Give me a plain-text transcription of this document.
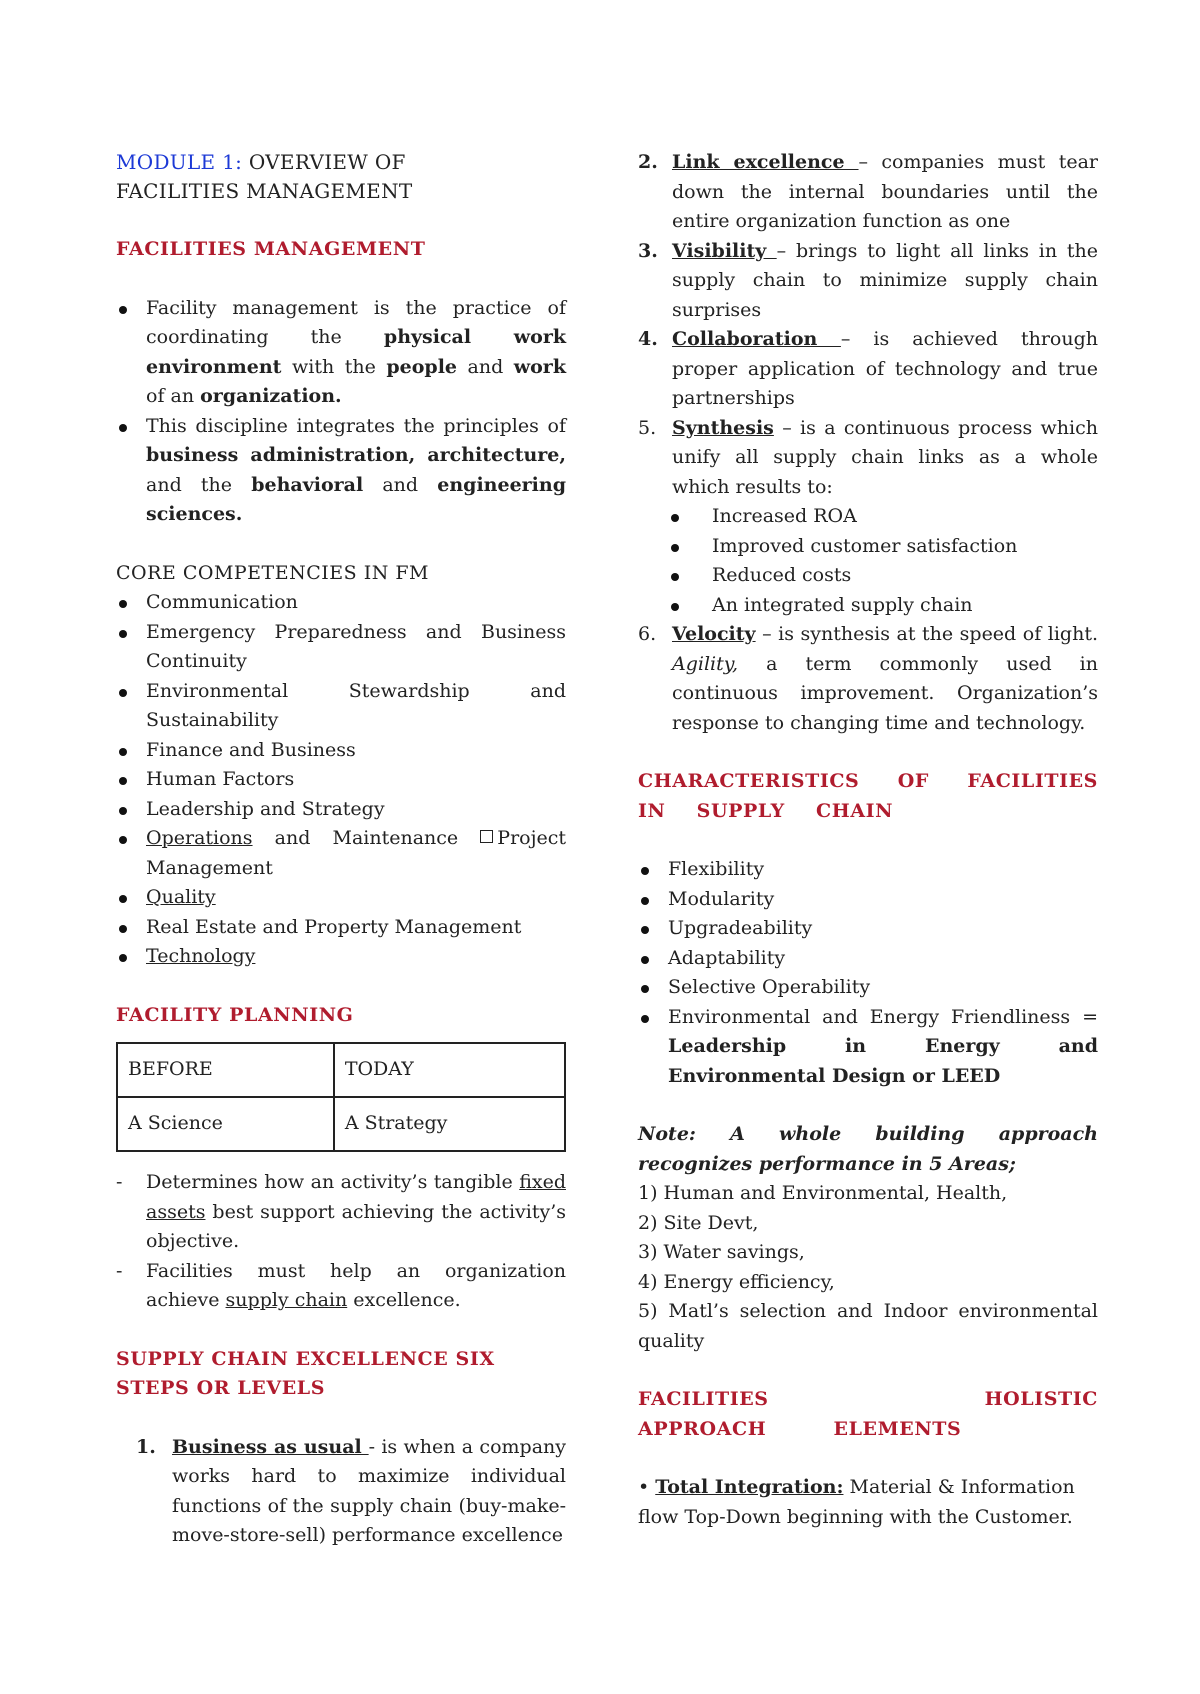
MODULE 1: OVERVIEW OF
FACILITIES MANAGEMENT
FACILITIES MANAGEMENT
Facility management is the practice of coordinating the physical work environment with the people and work of an organization.
This discipline integrates the principles of business administration, architecture, and the behavioral and engineering sciences.
CORE COMPETENCIES IN FM
Communication
Emergency Preparedness and Business Continuity
Environmental Stewardship and Sustainability
Finance and Business
Human Factors
Leadership and Strategy
Operations and Maintenance Project Management
Quality
Real Estate and Property Management
Technology
FACILITY PLANNING
BEFORE	TODAY
A Science	A Strategy
- Determines how an activity’s tangible fixed assets best support achieving the activity’s objective.
- Facilities must help an organization achieve supply chain excellence.
SUPPLY CHAIN EXCELLENCE SIX STEPS OR LEVELS
1. Business as usual - is when a company works hard to maximize individual functions of the supply chain (buy-make-move-store-sell) performance excellence
2. Link excellence – companies must tear down the internal boundaries until the entire organization function as one
3. Visibility – brings to light all links in the supply chain to minimize supply chain surprises
4. Collaboration – is achieved through proper application of technology and true partnerships
5. Synthesis – is a continuous process which unify all supply chain links as a whole which results to:
Increased ROA
Improved customer satisfaction
Reduced costs
An integrated supply chain
6. Velocity – is synthesis at the speed of light. Agility, a term commonly used in continuous improvement. Organization’s response to changing time and technology.
CHARACTERISTICS OF FACILITIES IN SUPPLY CHAIN
Flexibility
Modularity
Upgradeability
Adaptability
Selective Operability
Environmental and Energy Friendliness = Leadership in Energy and Environmental Design or LEED
Note: A whole building approach recognizes performance in 5 Areas;
1) Human and Environmental, Health,
2) Site Devt,
3) Water savings,
4) Energy efficiency,
5) Matl’s selection and Indoor environmental quality
FACILITIES HOLISTIC APPROACH ELEMENTS
• Total Integration: Material & Information flow Top-Down beginning with the Customer.
